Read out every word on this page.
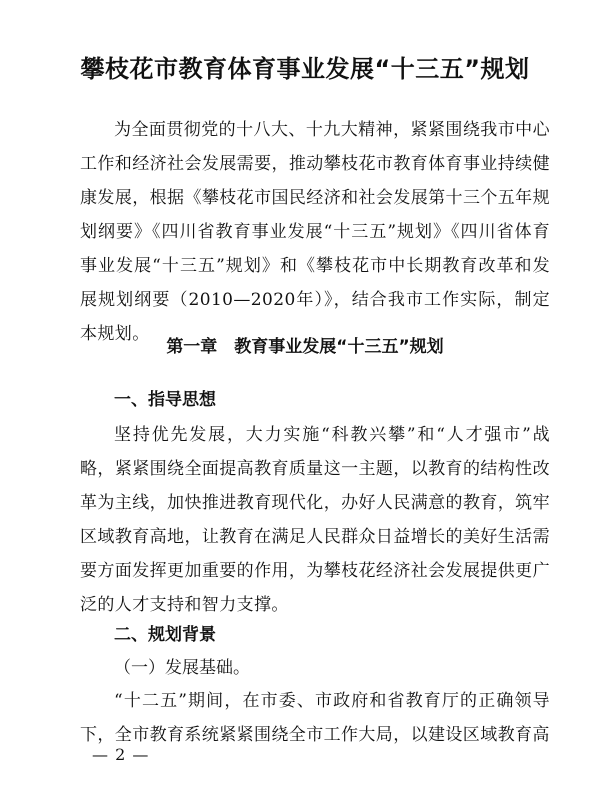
攀枝花市教育体育事业发展“十三五”规划
为全面贯彻党的十八大、十九大精神，紧紧围绕我市中心工作和经济社会发展需要，推动攀枝花市教育体育事业持续健康发展，根据《攀枝花市国民经济和社会发展第十三个五年规划纲要》《四川省教育事业发展“十三五”规划》《四川省体育事业发展“十三五”规划》和《攀枝花市中长期教育改革和发展规划纲要（2010—2020年）》，结合我市工作实际，制定本规划。
第一章　教育事业发展“十三五”规划
一、指导思想
坚持优先发展，大力实施“科教兴攀”和“人才强市”战略，紧紧围绕全面提高教育质量这一主题，以教育的结构性改革为主线，加快推进教育现代化，办好人民满意的教育，筑牢区域教育高地，让教育在满足人民群众日益增长的美好生活需要方面发挥更加重要的作用，为攀枝花经济社会发展提供更广泛的人才支持和智力支撑。
二、规划背景
（一）发展基础。
“十二五”期间，在市委、市政府和省教育厅的正确领导下，全市教育系统紧紧围绕全市工作大局，以建设区域教育高
— 2 —
